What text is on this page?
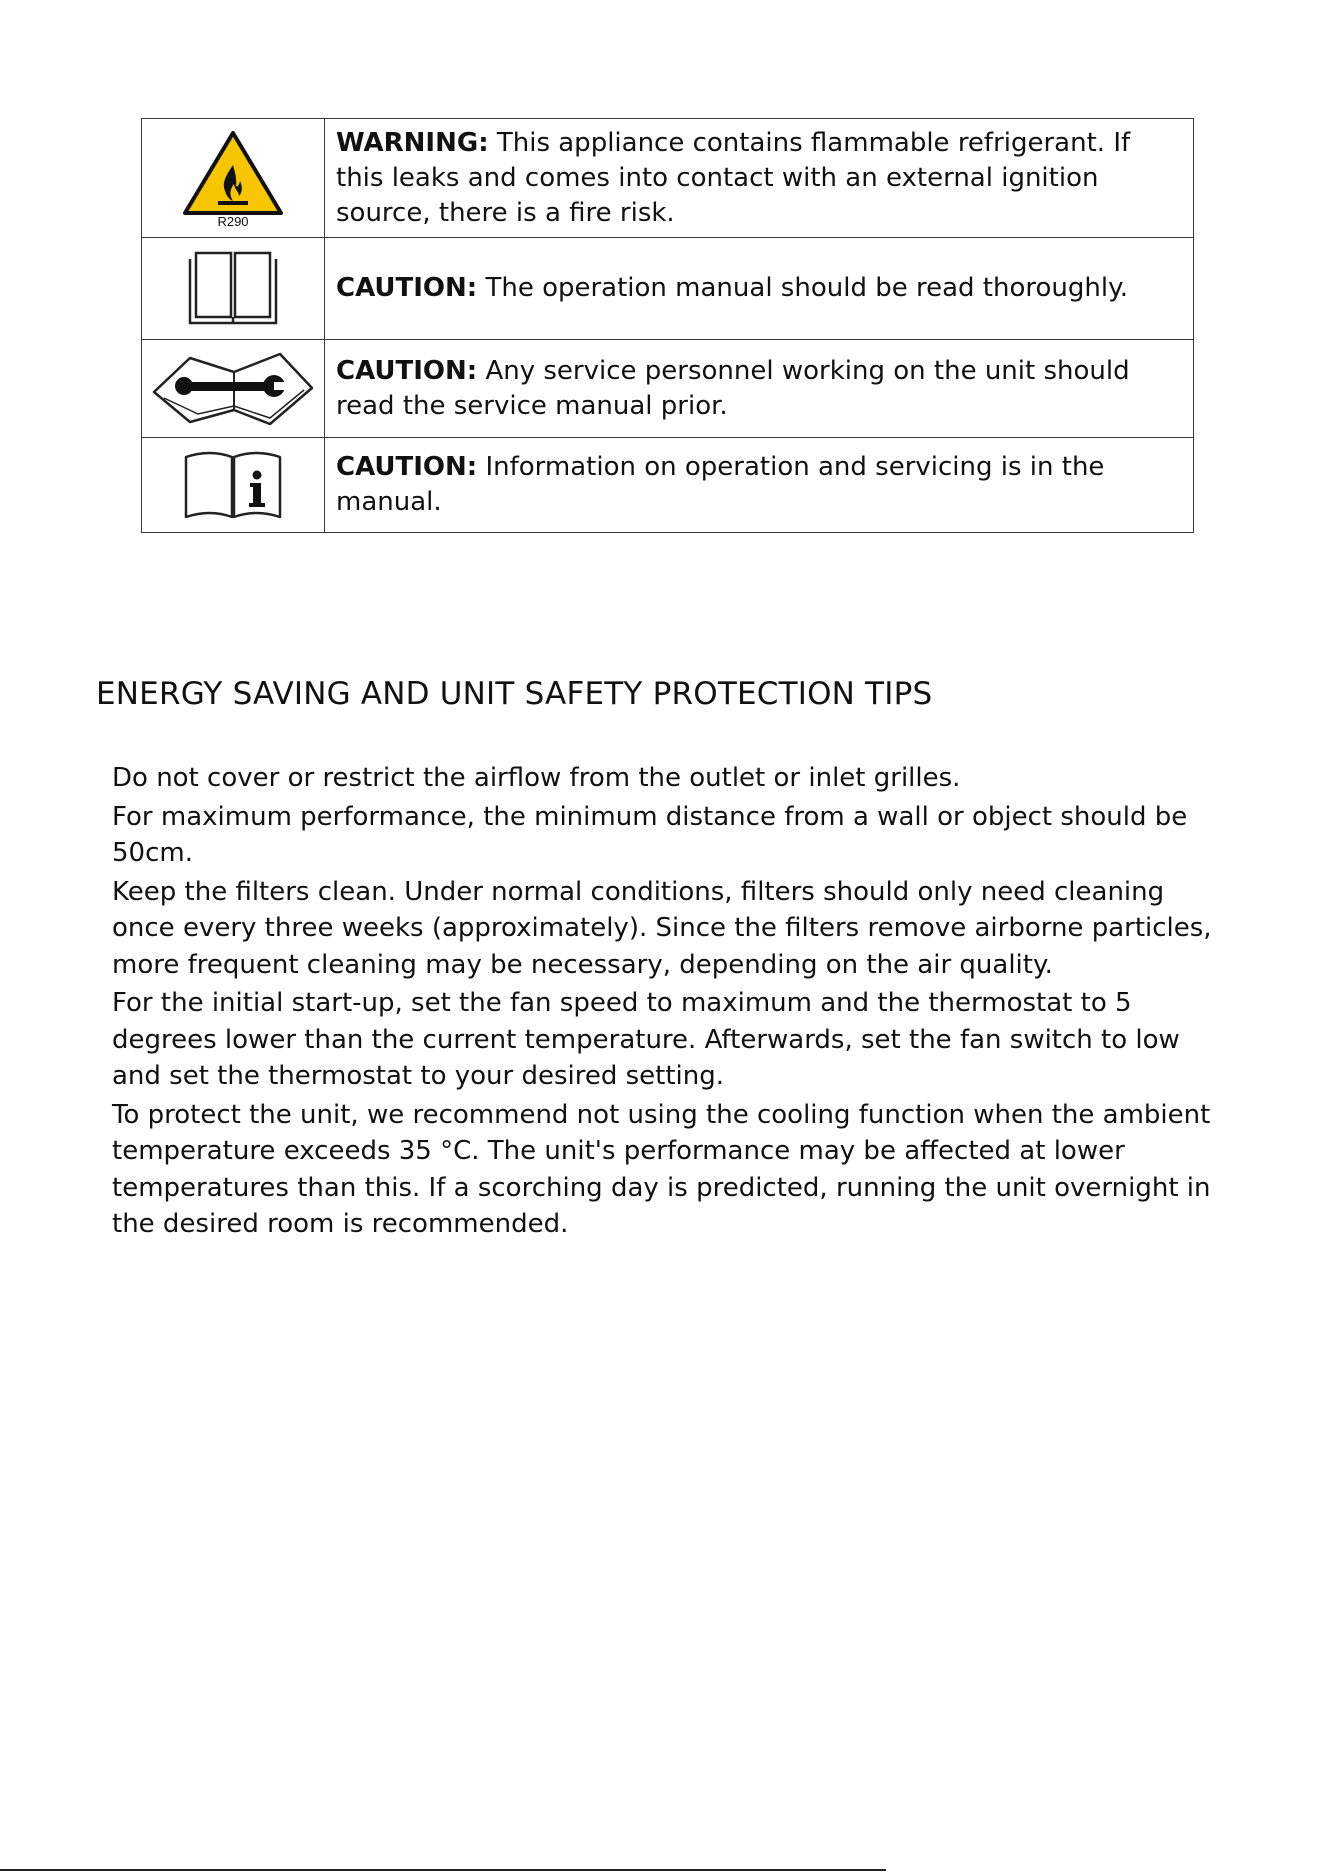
R290	WARNING: This appliance contains flammable refrigerant. If this leaks and comes into contact with an external ignition source, there is a fire risk.

	CAUTION: The operation manual should be read thoroughly.

	CAUTION: Any service personnel working on the unit should read the service manual prior.

	CAUTION: Information on operation and servicing is in the manual.
ENERGY SAVING AND UNIT SAFETY PROTECTION TIPS
Do not cover or restrict the airflow from the outlet or inlet grilles.
For maximum performance, the minimum distance from a wall or object should be 50cm.
Keep the filters clean. Under normal conditions, filters should only need cleaning once every three weeks (approximately). Since the filters remove airborne particles, more frequent cleaning may be necessary, depending on the air quality.
For the initial start-up, set the fan speed to maximum and the thermostat to 5 degrees lower than the current temperature. Afterwards, set the fan switch to low and set the thermostat to your desired setting.
To protect the unit, we recommend not using the cooling function when the ambient temperature exceeds 35 °C. The unit's performance may be affected at lower temperatures than this. If a scorching day is predicted, running the unit overnight in the desired room is recommended.
